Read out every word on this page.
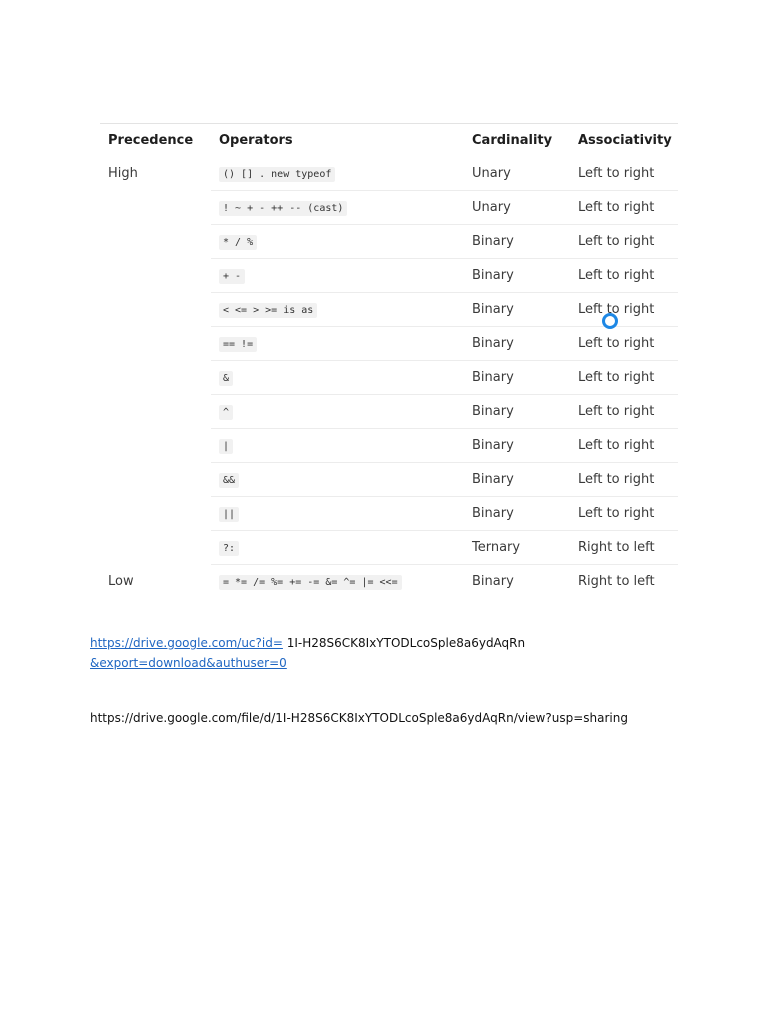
Precedence	Operators	Cardinality	Associativity
High	() [] . new typeof	Unary	Left to right
	! ~ + - ++ -- (cast)	Unary	Left to right
	* / %	Binary	Left to right
	+ -	Binary	Left to right
	< <= > >= is as	Binary	Left to right
	== !=	Binary	Left to right
	&	Binary	Left to right
	^	Binary	Left to right
	|	Binary	Left to right
	&&	Binary	Left to right
	||	Binary	Left to right
	?:	Ternary	Right to left
Low	= *= /= %= += -= &= ^= |= <<=	Binary	Right to left
https://drive.google.com/uc?id= 1I-H28S6CK8IxYTODLcoSple8a6ydAqRn
&export=download&authuser=0
https://drive.google.com/file/d/1I-H28S6CK8IxYTODLcoSple8a6ydAqRn/view?usp=sharing
